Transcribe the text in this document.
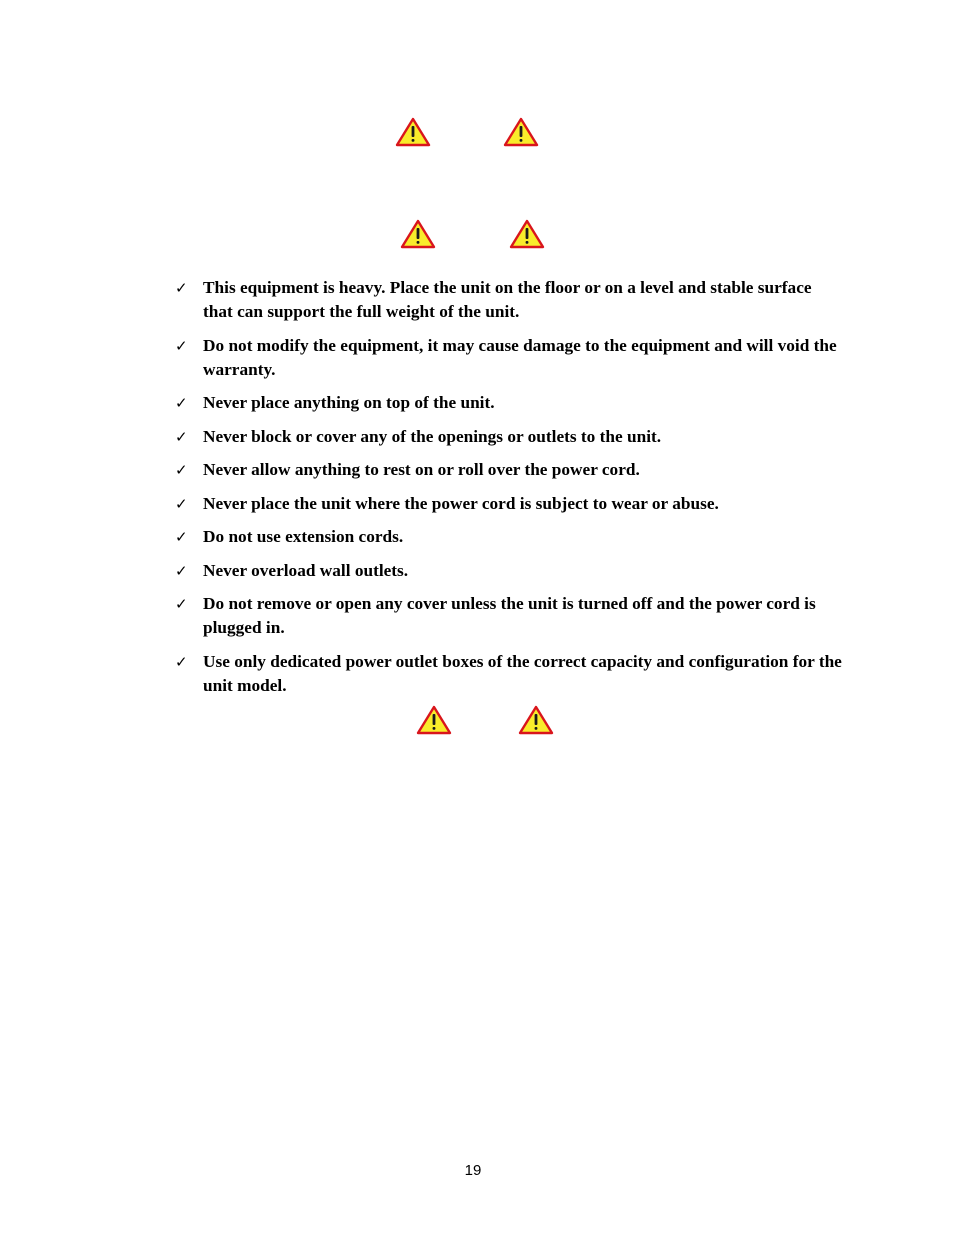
✓ This equipment is heavy. Place the unit on the floor or on a level and stable surface that can support the full weight of the unit.
✓ Do not modify the equipment, it may cause damage to the equipment and will void the warranty.
✓ Never place anything on top of the unit.
✓ Never block or cover any of the openings or outlets to the unit.
✓ Never allow anything to rest on or roll over the power cord.
✓ Never place the unit where the power cord is subject to wear or abuse.
✓ Do not use extension cords.
✓ Never overload wall outlets.
✓ Do not remove or open any cover unless the unit is turned off and the power cord is plugged in.
✓ Use only dedicated power outlet boxes of the correct capacity and configuration for the unit model.
19
